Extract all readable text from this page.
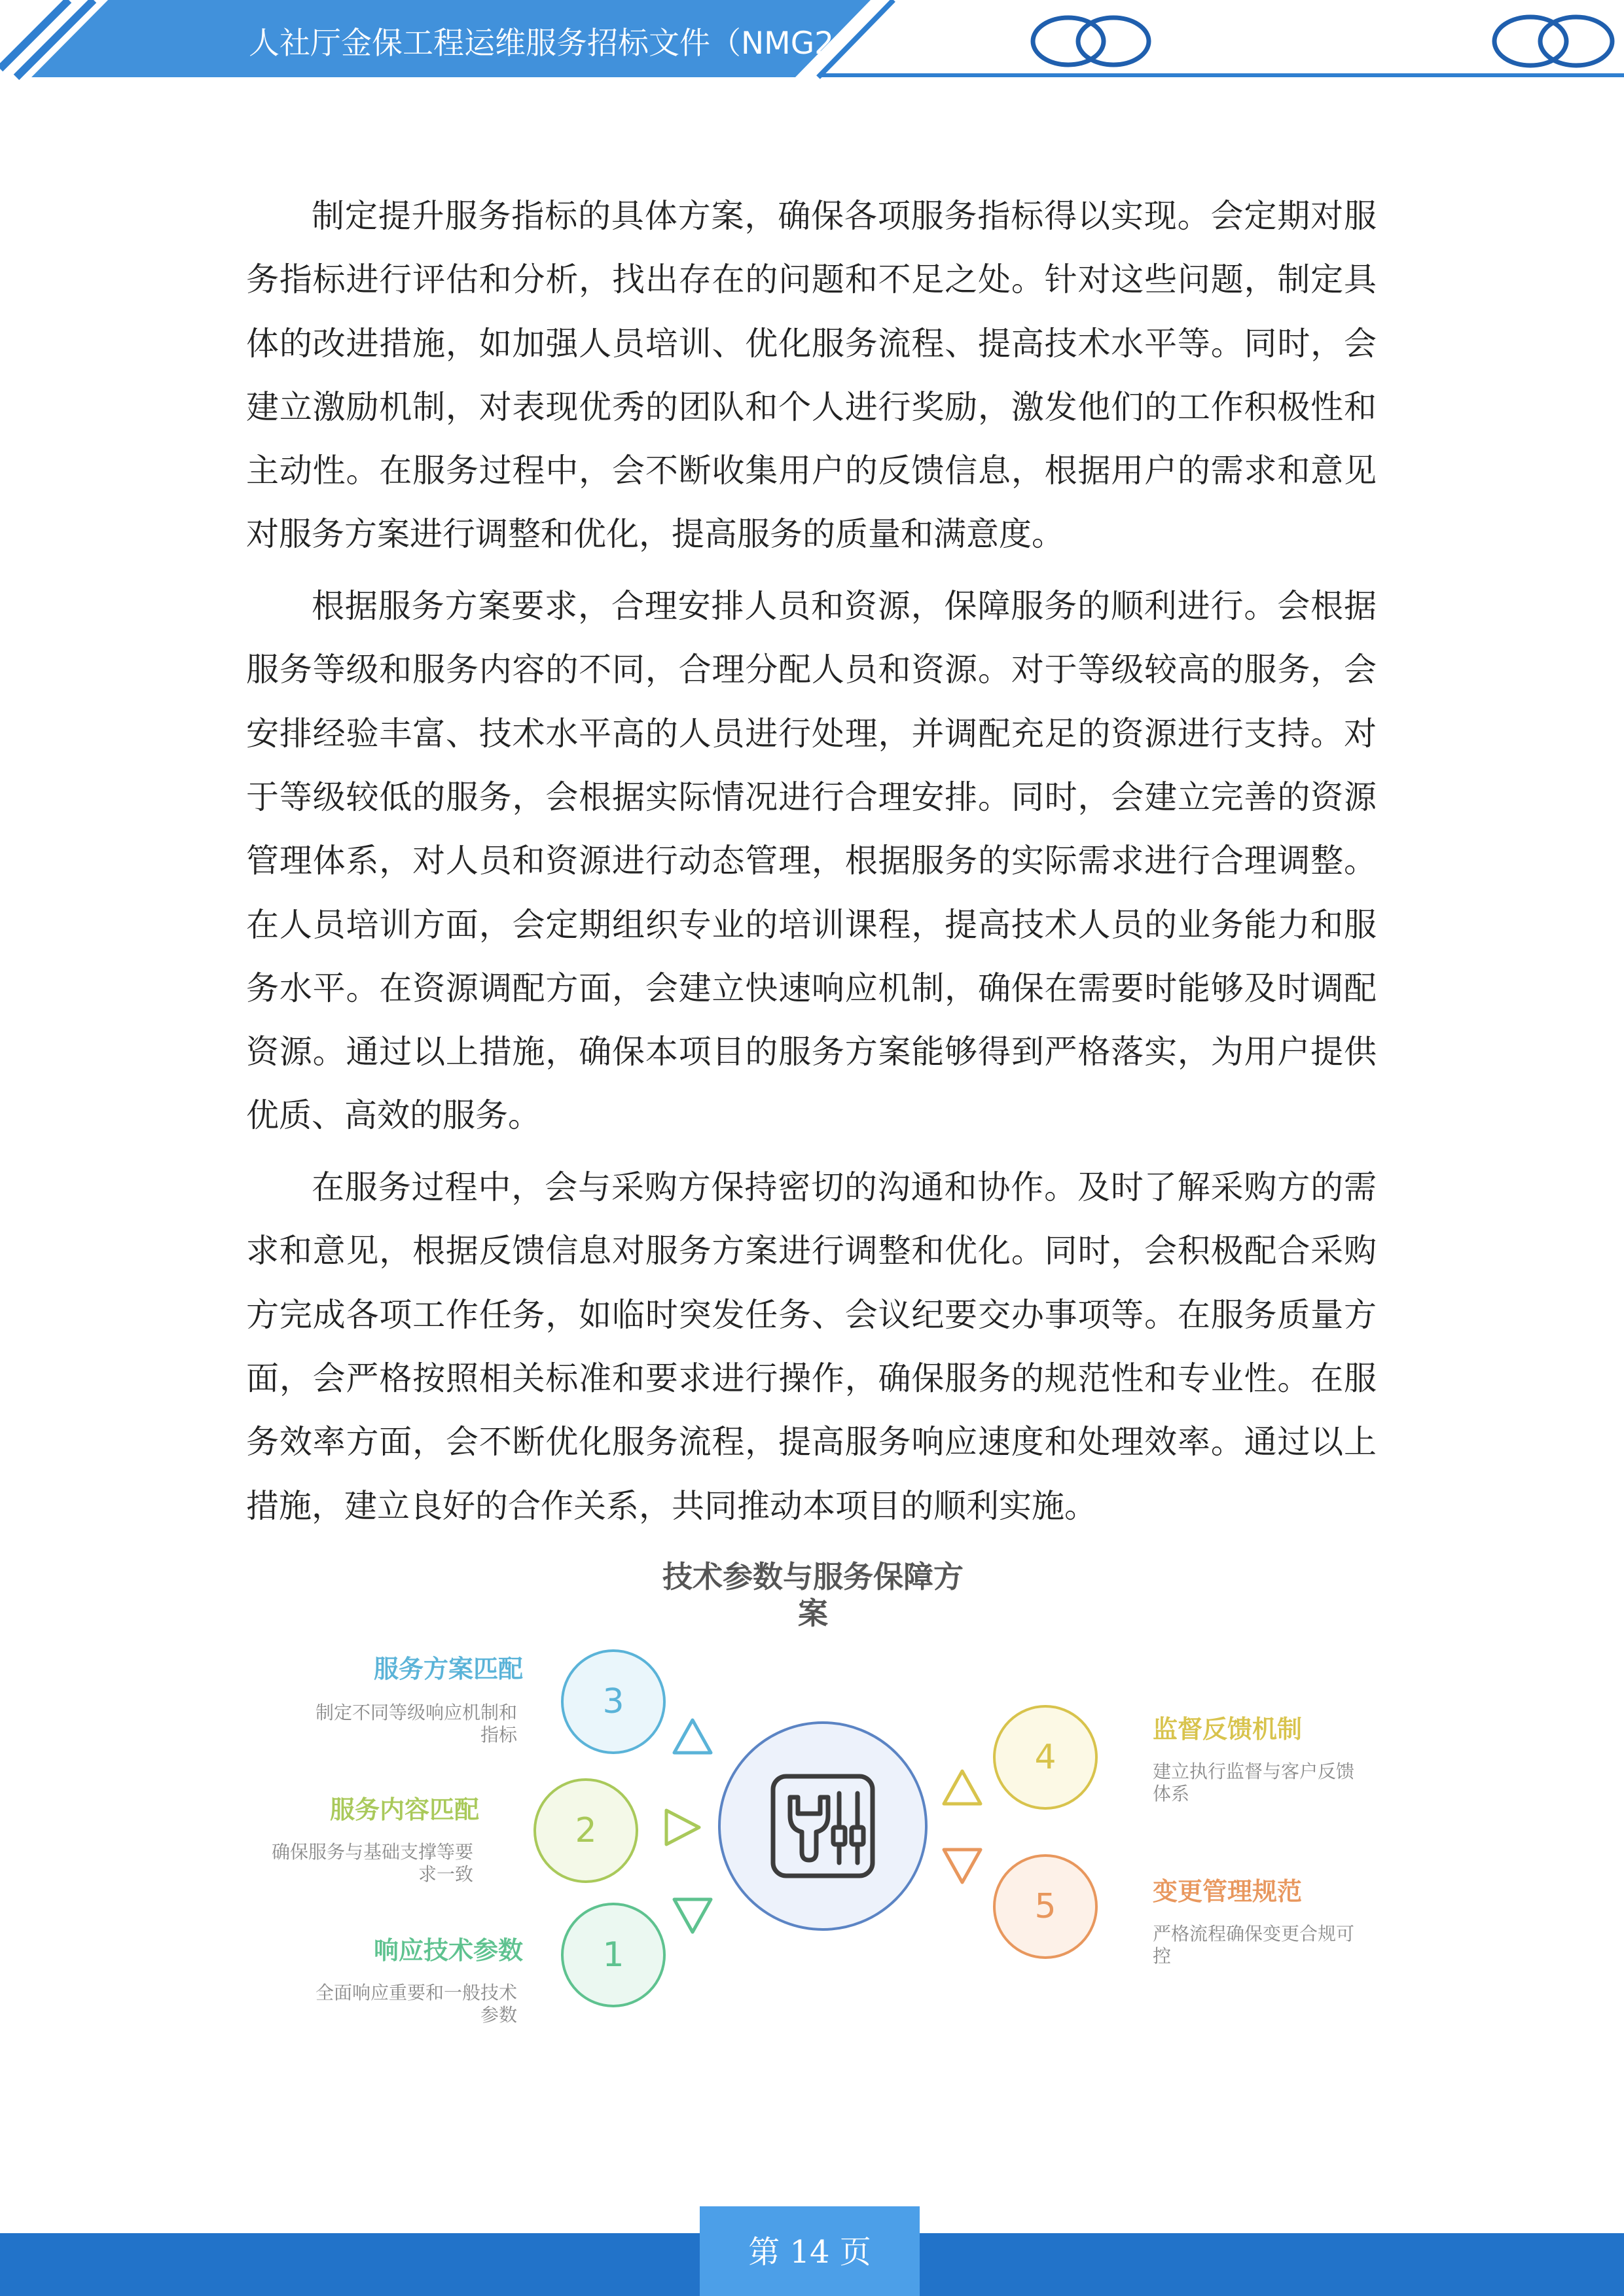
人社厅金保工程运维服务招标文件（NMG2
制定提升服务指标的具体方案，确保各项服务指标得以实现。会定期对服
务指标进行评估和分析，找出存在的问题和不足之处。针对这些问题，制定具
体的改进措施，如加强人员培训、优化服务流程、提高技术水平等。同时，会
建立激励机制，对表现优秀的团队和个人进行奖励，激发他们的工作积极性和
主动性。在服务过程中，会不断收集用户的反馈信息，根据用户的需求和意见
对服务方案进行调整和优化，提高服务的质量和满意度。
根据服务方案要求，合理安排人员和资源，保障服务的顺利进行。会根据
服务等级和服务内容的不同，合理分配人员和资源。对于等级较高的服务，会
安排经验丰富、技术水平高的人员进行处理，并调配充足的资源进行支持。对
于等级较低的服务，会根据实际情况进行合理安排。同时，会建立完善的资源
管理体系，对人员和资源进行动态管理，根据服务的实际需求进行合理调整。
在人员培训方面，会定期组织专业的培训课程，提高技术人员的业务能力和服
务水平。在资源调配方面，会建立快速响应机制，确保在需要时能够及时调配
资源。通过以上措施，确保本项目的服务方案能够得到严格落实，为用户提供
优质、高效的服务。
在服务过程中，会与采购方保持密切的沟通和协作。及时了解采购方的需
求和意见，根据反馈信息对服务方案进行调整和优化。同时，会积极配合采购
方完成各项工作任务，如临时突发任务、会议纪要交办事项等。在服务质量方
面，会严格按照相关标准和要求进行操作，确保服务的规范性和专业性。在服
务效率方面，会不断优化服务流程，提高服务响应速度和处理效率。通过以上
措施，建立良好的合作关系，共同推动本项目的顺利实施。
技术参数与服务保障方案
3
2
1
4
5
服务方案匹配
制定不同等级响应机制和指标
服务内容匹配
确保服务与基础支撑等要求一致
响应技术参数
全面响应重要和一般技术参数
监督反馈机制
建立执行监督与客户反馈体系
变更管理规范
严格流程确保变更合规可控
第 14 页
